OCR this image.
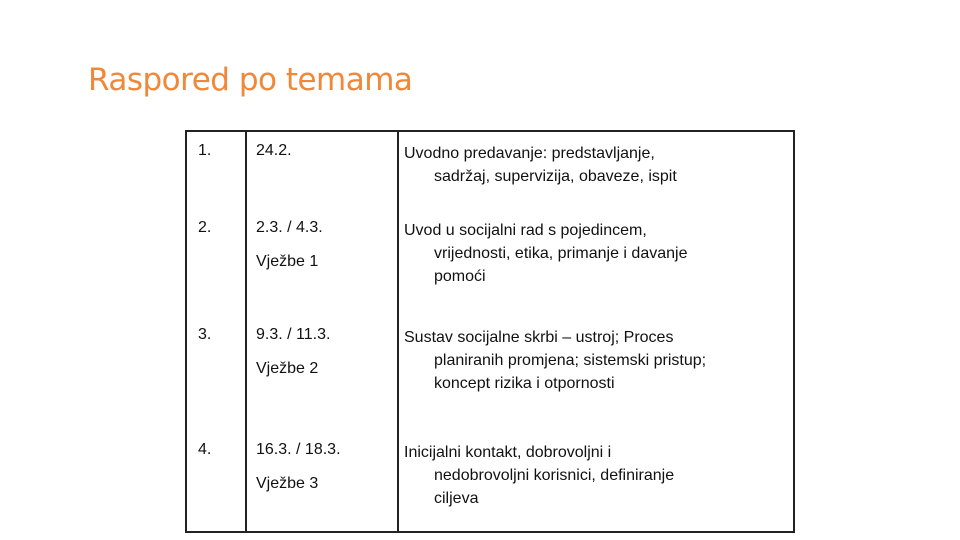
Raspored po temama
1.	24.2.	Uvodno predavanje: predstavljanje,
sadržaj, supervizija, obaveze, ispit

2.	2.3. / 4.3.
Vježbe 1	Uvod u socijalni rad s pojedincem,
vrijednosti, etika, primanje i davanje
pomoći

3.	9.3. / 11.3.
Vježbe 2	Sustav socijalne skrbi – ustroj; Proces
planiranih promjena; sistemski pristup;
koncept rizika i otpornosti

4.	16.3. / 18.3.
Vježbe 3	Inicijalni kontakt, dobrovoljni i
nedobrovoljni korisnici, definiranje
ciljeva
